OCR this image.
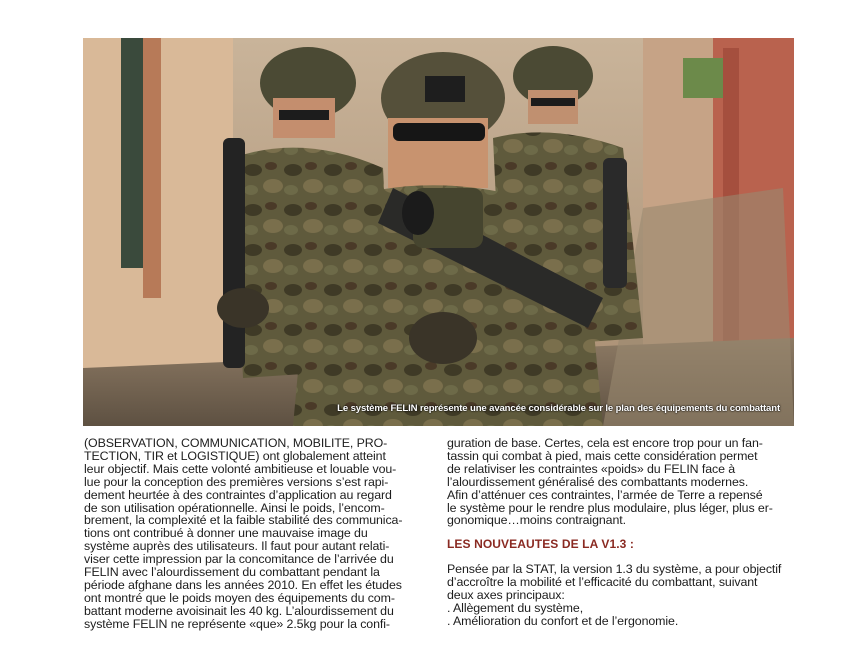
Le système FELIN représente une avancée considérable sur le plan des équipements du combattant
(OBSERVATION, COMMUNICATION, MOBILITE, PRO-
TECTION, TIR et LOGISTIQUE) ont globalement atteint
leur objectif. Mais cette volonté ambitieuse et louable vou-
lue pour la conception des premières versions s’est rapi-
dement heurtée à des contraintes d’application au regard
de son utilisation opérationnelle. Ainsi le poids, l’encom-
brement, la complexité et la faible stabilité des communica-
tions ont contribué à donner une mauvaise image du
système auprès des utilisateurs. Il faut pour autant relati-
viser cette impression par la concomitance de l’arrivée du
FELIN avec l’alourdissement du combattant pendant la
période afghane dans les années 2010. En effet les études
ont montré que le poids moyen des équipements du com-
battant moderne avoisinait les 40 kg. L’alourdissement du
système FELIN ne représente «que» 2.5kg pour la confi-
guration de base. Certes, cela est encore trop pour un fan-
tassin qui combat à pied, mais cette considération permet
de relativiser les contraintes «poids» du FELIN face à
l’alourdissement généralisé des combattants modernes.
Afin d’atténuer ces contraintes, l’armée de Terre a repensé
le système pour le rendre plus modulaire, plus léger, plus er-
gonomique…moins contraignant.
LES NOUVEAUTES DE LA V1.3 :
Pensée par la STAT, la version 1.3 du système, a pour objectif
d’accroître la mobilité et l’efficacité du combattant, suivant
deux axes principaux:
. Allègement du système,
. Amélioration du confort et de l’ergonomie.
